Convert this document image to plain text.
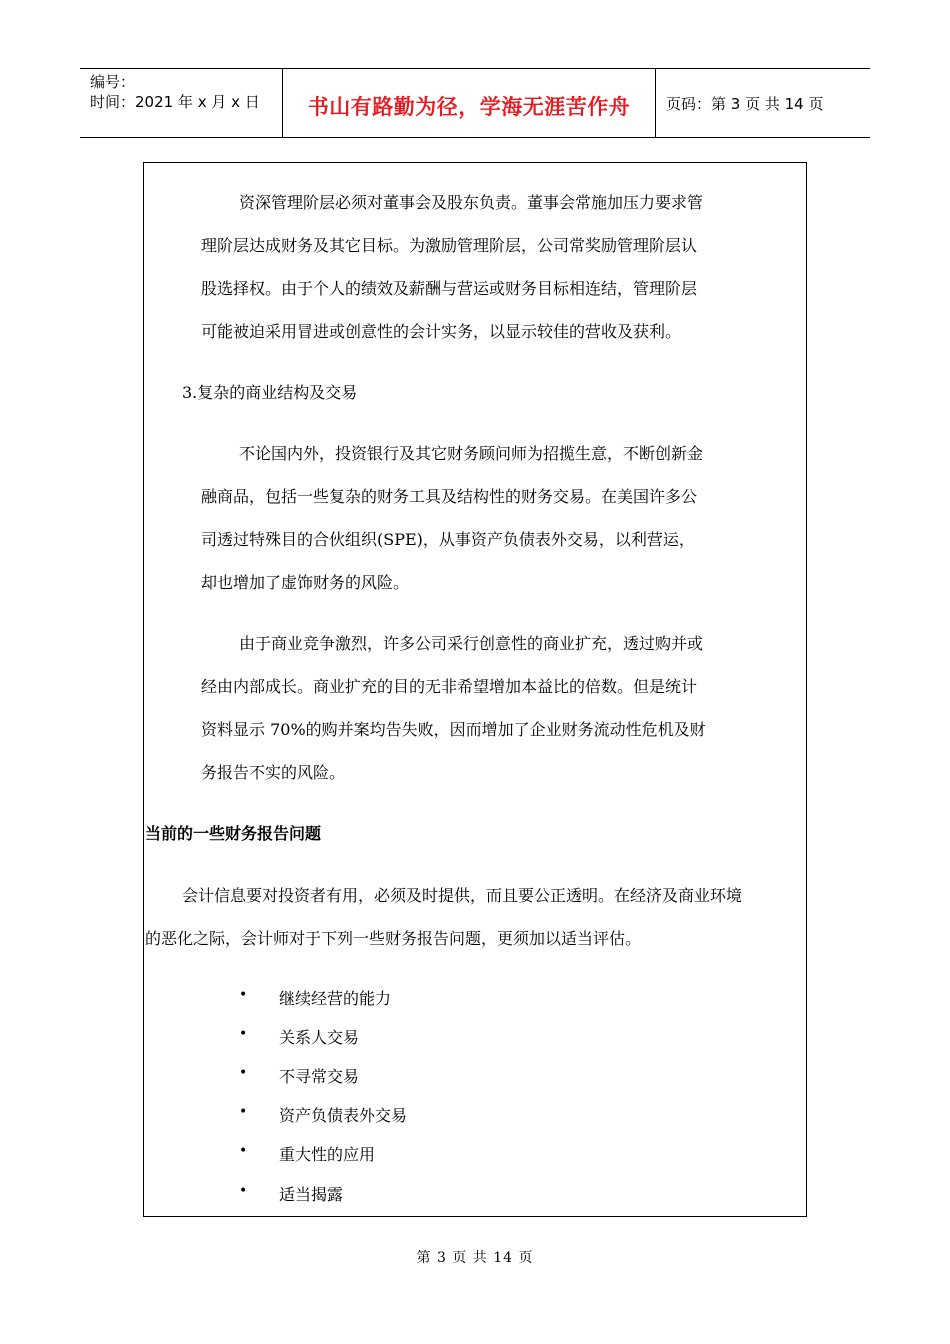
编号：
时间：2021 年 x 月 x 日	书山有路勤为径，学海无涯苦作舟	页码：第 3 页 共 14 页
资深管理阶层必须对董事会及股东负责。董事会常施加压力要求管
理阶层达成财务及其它目标。为激励管理阶层，公司常奖励管理阶层认
股选择权。由于个人的绩效及薪酬与营运或财务目标相连结，管理阶层
可能被迫采用冒进或创意性的会计实务，以显示较佳的营收及获利。
3.复杂的商业结构及交易
不论国内外，投资银行及其它财务顾问师为招揽生意，不断创新金
融商品，包括一些复杂的财务工具及结构性的财务交易。在美国许多公
司透过特殊目的合伙组织(SPE)，从事资产负债表外交易，以利营运，
却也增加了虚饰财务的风险。
由于商业竞争激烈，许多公司采行创意性的商业扩充，透过购并或
经由内部成长。商业扩充的目的无非希望增加本益比的倍数。但是统计
资料显示 70%的购并案均告失败，因而增加了企业财务流动性危机及财
务报告不实的风险。
当前的一些财务报告问题
会计信息要对投资者有用，必须及时提供，而且要公正透明。在经济及商业环境
的恶化之际，会计师对于下列一些财务报告问题，更须加以适当评估。
• 继续经营的能力
• 关系人交易
• 不寻常交易
• 资产负债表外交易
• 重大性的应用
• 适当揭露
第 3 页 共 14 页
